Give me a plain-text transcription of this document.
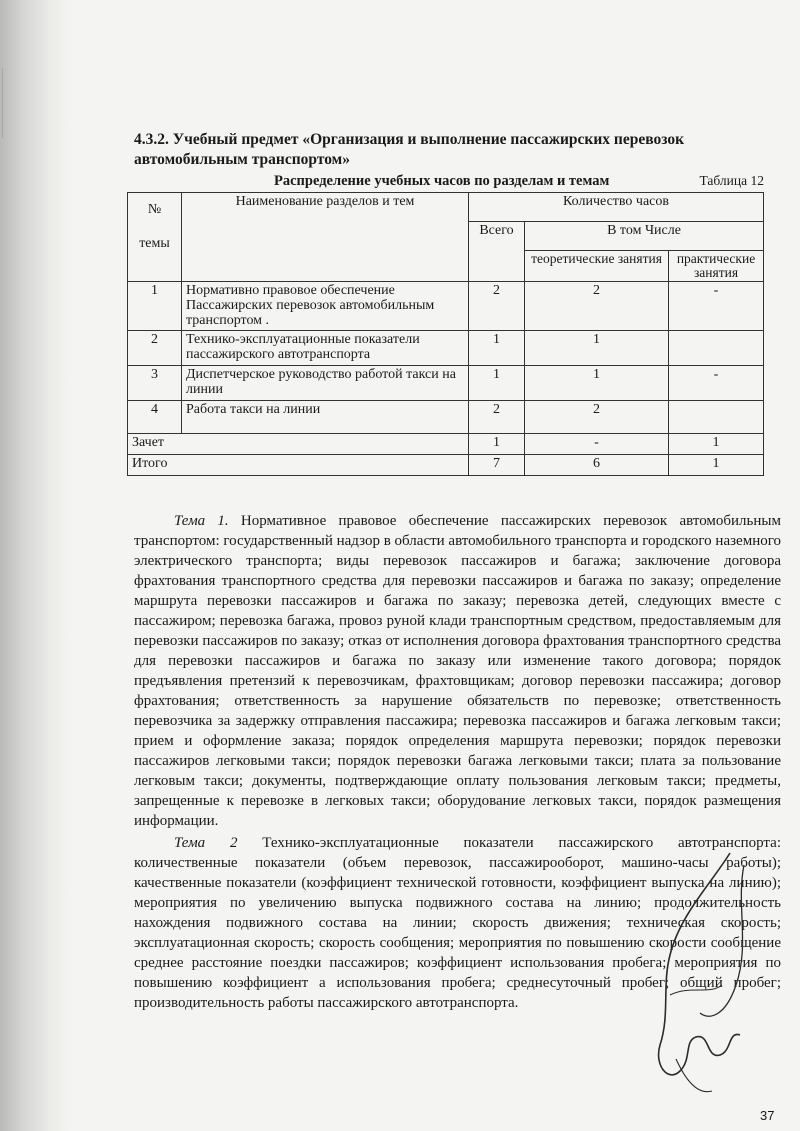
4.3.2. Учебный предмет «Организация и выполнение пассажирских перевозок
автомобильным транспортом»
Распределение учебных часов по разделам и темам	Таблица 12
№
темы	Наименование разделов и тем	Количество часов		
		Всего	В том Числе	
			теоретические занятия	практические занятия
1	Нормативно правовое обеспечение Пассажирских перевозок автомобильным транспортом .	2	2	-
2	Технико-эксплуатационные показатели пассажирского автотранспорта	1	1	
3	Диспетчерское руководство работой такси на линии	1	1	-
4	Работа такси на линии	2	2	
Зачет		1	-	1
Итого		7	6	1

Тема 1. Нормативное правовое обеспечение пассажирских перевозок автомобильным транспортом: государственный надзор в области автомобильного транспорта и городского наземного электрического транспорта; виды перевозок пассажиров и багажа; заключение договора фрахтования транспортного средства для перевозки пассажиров и багажа по заказу; определение маршрута перевозки пассажиров и багажа по заказу; перевозка детей, следующих вместе с пассажиром; перевозка багажа, провоз руной клади транспортным средством, предоставляемым для перевозки пассажиров по заказу; отказ от исполнения договора фрахтования транспортного средства для перевозки пассажиров и багажа по заказу или изменение такого договора; порядок предъявления претензий к перевозчикам, фрахтовщикам; договор перевозки пассажира; договор фрахтования; ответственность за нарушение обязательств по перевозке; ответственность перевозчика за задержку отправления пассажира; перевозка пассажиров и багажа легковым такси; прием и оформление заказа; порядок определения маршрута перевозки; порядок перевозки пассажиров легковыми такси; порядок перевозки багажа легковыми такси; плата за пользование легковым такси; документы, подтверждающие оплату пользования легковым такси; предметы, запрещенные к перевозке в легковых такси; оборудование легковых такси, порядок размещения информации.

Тема 2 Технико-эксплуатационные показатели пассажирского автотранспорта: количественные показатели (объем перевозок, пассажирооборот, машино-часы работы); качественные показатели (коэффициент технической готовности, коэффициент выпуска на линию); мероприятия по увеличению выпуска подвижного состава на линию; продолжительность нахождения подвижного состава на линии; скорость движения; техническая скорость; эксплуатационная скорость; скорость сообщения; мероприятия по повышению скорости сообщение среднее расстояние поездки пассажиров; коэффициент использования пробега; мероприятия по повышению коэффициент а использования пробега; среднесуточный пробег; общий пробег; производительность работы пассажирского автотранспорта.

37
